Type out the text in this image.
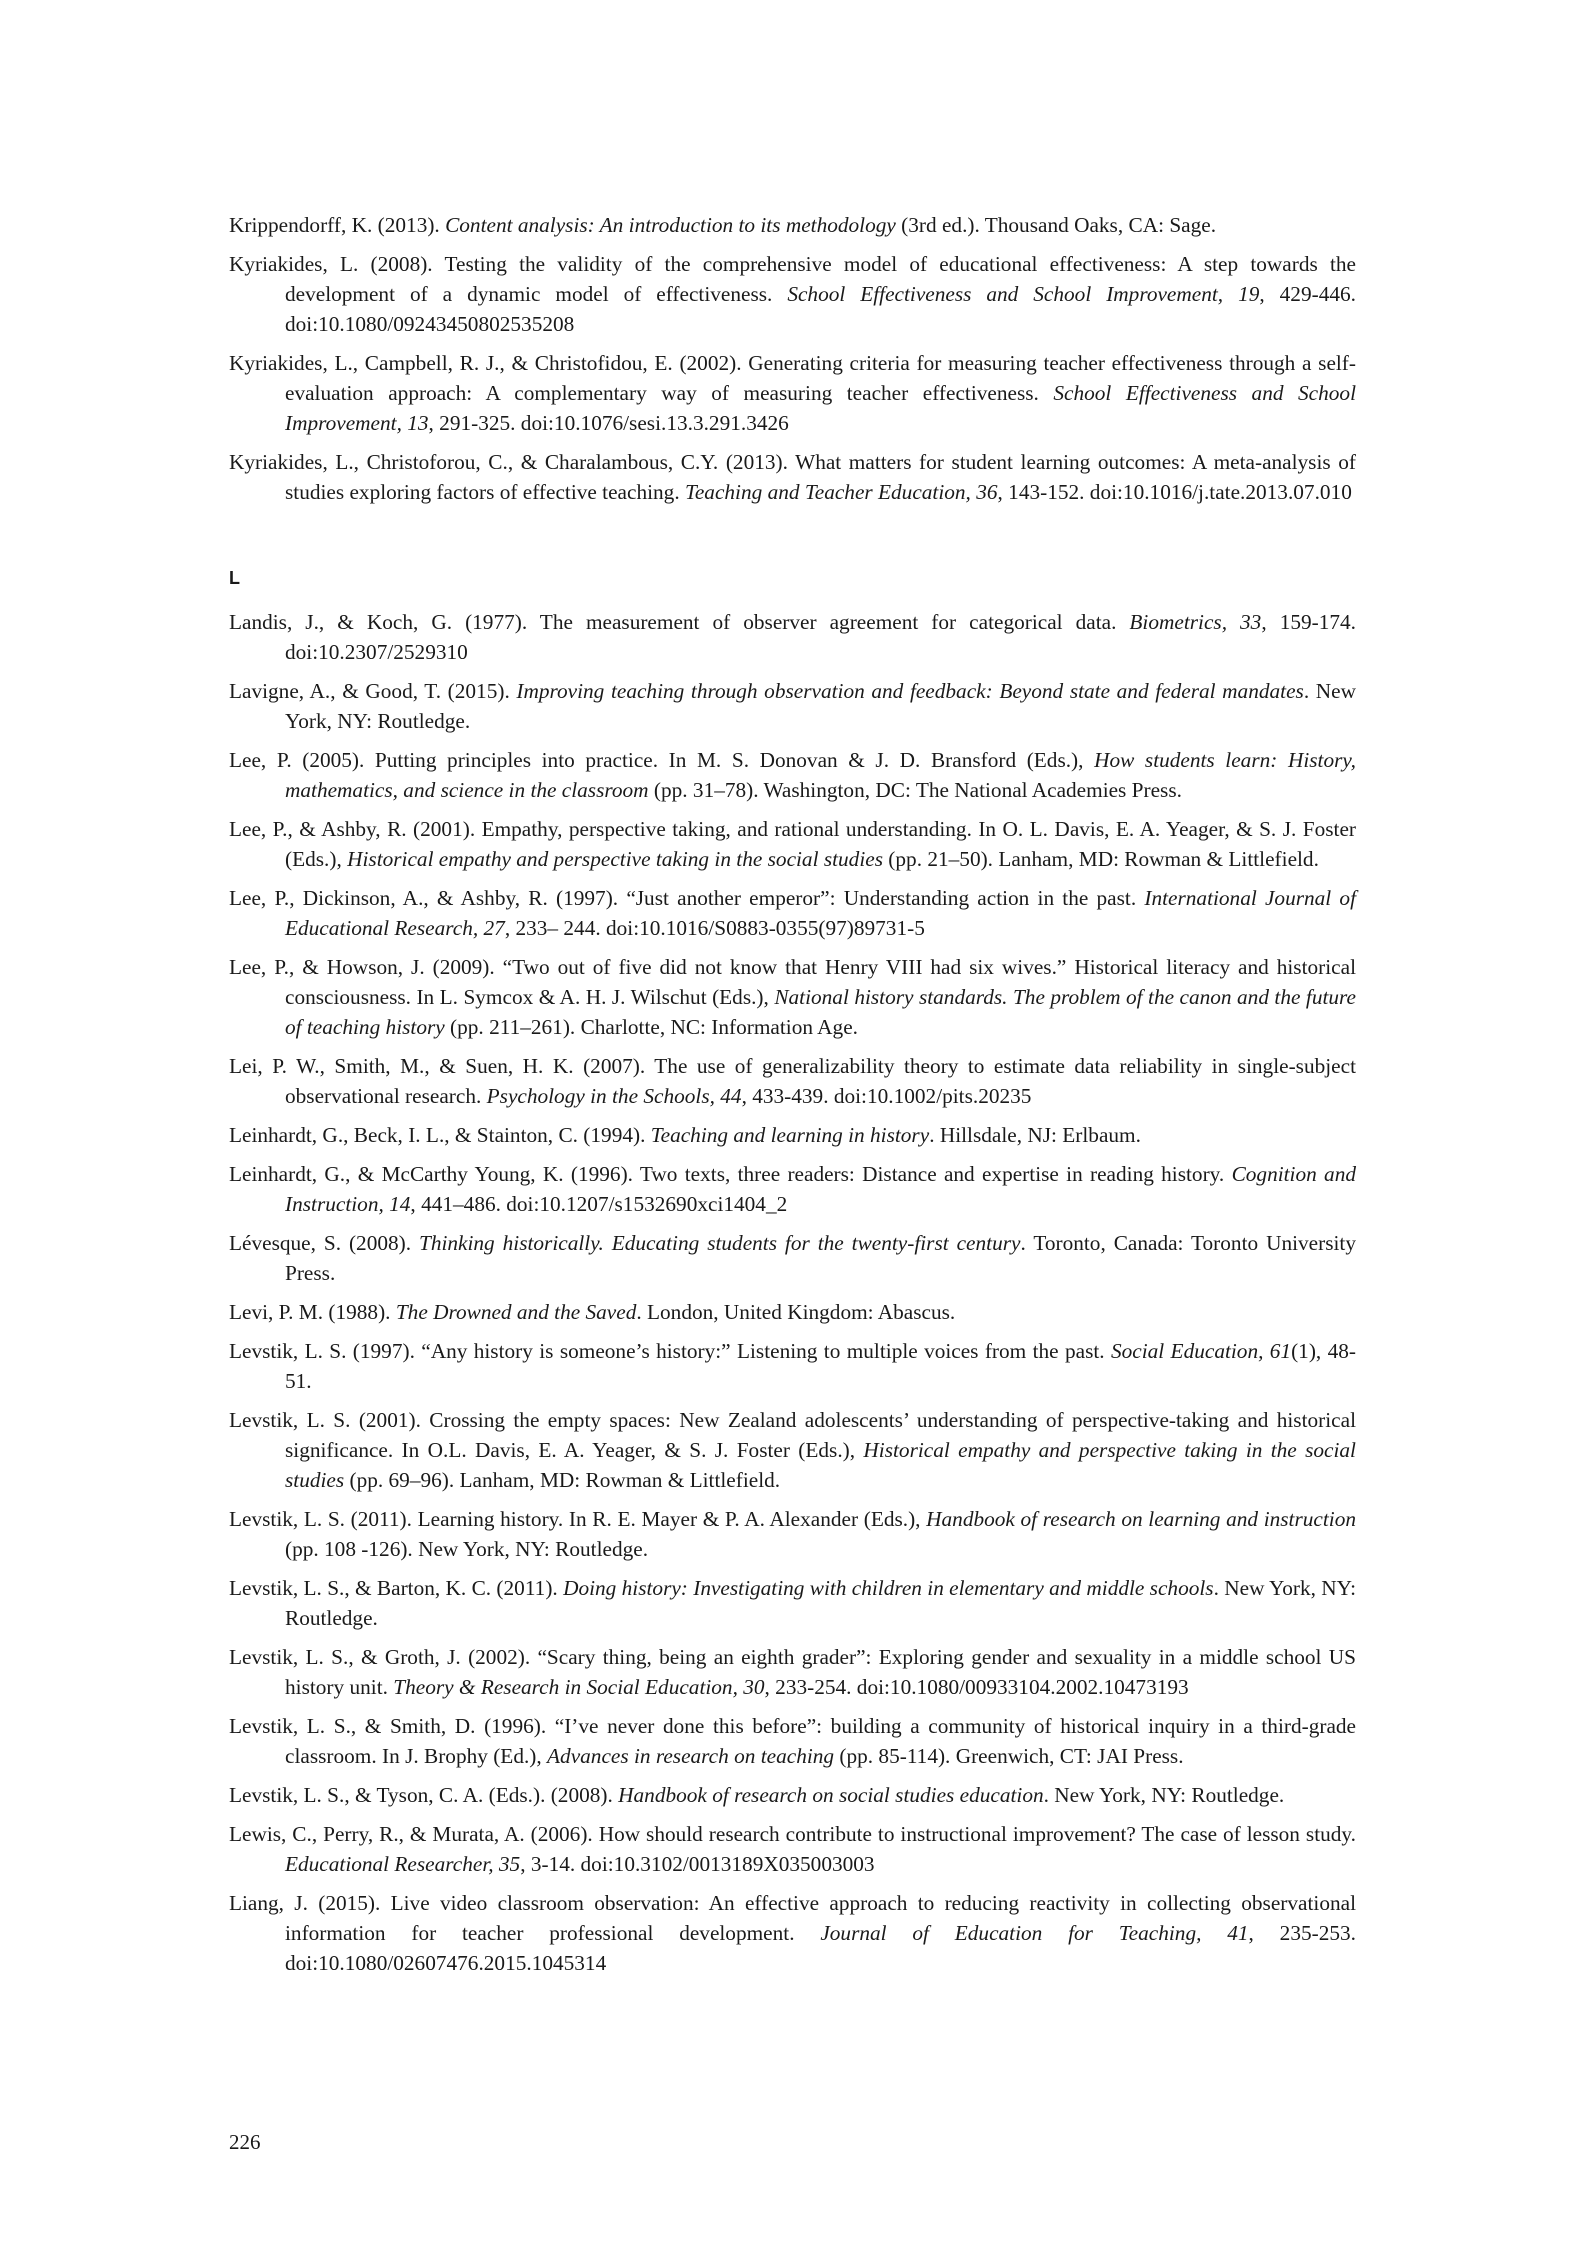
Krippendorff, K. (2013). Content analysis: An introduction to its methodology (3rd ed.). Thousand Oaks, CA: Sage.

Kyriakides, L. (2008). Testing the validity of the comprehensive model of educational effectiveness: A step towards the development of a dynamic model of effectiveness. School Effectiveness and School Improvement, 19, 429-446. doi:10.1080/09243450802535208

Kyriakides, L., Campbell, R. J., & Christofidou, E. (2002). Generating criteria for measuring teacher effectiveness through a self-evaluation approach: A complementary way of measuring teacher effectiveness. School Effectiveness and School Improvement, 13, 291-325. doi:10.1076/sesi.13.3.291.3426

Kyriakides, L., Christoforou, C., & Charalambous, C.Y. (2013). What matters for student learning outcomes: A meta-analysis of studies exploring factors of effective teaching. Teaching and Teacher Education, 36, 143-152. doi:10.1016/j.tate.2013.07.010

L

Landis, J., & Koch, G. (1977). The measurement of observer agreement for categorical data. Biometrics, 33, 159-174. doi:10.2307/2529310

Lavigne, A., & Good, T. (2015). Improving teaching through observation and feedback: Beyond state and federal mandates. New York, NY: Routledge.

Lee, P. (2005). Putting principles into practice. In M. S. Donovan & J. D. Bransford (Eds.), How students learn: History, mathematics, and science in the classroom (pp. 31–78). Washington, DC: The National Academies Press.

Lee, P., & Ashby, R. (2001). Empathy, perspective taking, and rational understanding. In O. L. Davis, E. A. Yeager, & S. J. Foster (Eds.), Historical empathy and perspective taking in the social studies (pp. 21–50). Lanham, MD: Rowman & Littlefield.

Lee, P., Dickinson, A., & Ashby, R. (1997). “Just another emperor”: Understanding action in the past. International Journal of Educational Research, 27, 233– 244. doi:10.1016/S0883-0355(97)89731-5

Lee, P., & Howson, J. (2009). “Two out of five did not know that Henry VIII had six wives.” Historical literacy and historical consciousness. In L. Symcox & A. H. J. Wilschut (Eds.), National history standards. The problem of the canon and the future of teaching history (pp. 211–261). Charlotte, NC: Information Age.

Lei, P. W., Smith, M., & Suen, H. K. (2007). The use of generalizability theory to estimate data reliability in single-subject observational research. Psychology in the Schools, 44, 433-439. doi:10.1002/pits.20235

Leinhardt, G., Beck, I. L., & Stainton, C. (1994). Teaching and learning in history. Hillsdale, NJ: Erlbaum.

Leinhardt, G., & McCarthy Young, K. (1996). Two texts, three readers: Distance and expertise in reading history. Cognition and Instruction, 14, 441–486. doi:10.1207/s1532690xci1404_2

Lévesque, S. (2008). Thinking historically. Educating students for the twenty-first century. Toronto, Canada: Toronto University Press.

Levi, P. M. (1988). The Drowned and the Saved. London, United Kingdom: Abascus.

Levstik, L. S. (1997). “Any history is someone’s history:” Listening to multiple voices from the past. Social Education, 61(1), 48-51.

Levstik, L. S. (2001). Crossing the empty spaces: New Zealand adolescents’ understanding of perspective-taking and historical significance. In O.L. Davis, E. A. Yeager, & S. J. Foster (Eds.), Historical empathy and perspective taking in the social studies (pp. 69–96). Lanham, MD: Rowman & Littlefield.

Levstik, L. S. (2011). Learning history. In R. E. Mayer & P. A. Alexander (Eds.), Handbook of research on learning and instruction (pp. 108 -126). New York, NY: Routledge.

Levstik, L. S., & Barton, K. C. (2011). Doing history: Investigating with children in elementary and middle schools. New York, NY: Routledge.

Levstik, L. S., & Groth, J. (2002). “Scary thing, being an eighth grader”: Exploring gender and sexuality in a middle school US history unit. Theory & Research in Social Education, 30, 233-254. doi:10.1080/00933104.2002.10473193

Levstik, L. S., & Smith, D. (1996). “I’ve never done this before”: building a community of historical inquiry in a third-grade classroom. In J. Brophy (Ed.), Advances in research on teaching (pp. 85-114). Greenwich, CT: JAI Press.

Levstik, L. S., & Tyson, C. A. (Eds.). (2008). Handbook of research on social studies education. New York, NY: Routledge.

Lewis, C., Perry, R., & Murata, A. (2006). How should research contribute to instructional improvement? The case of lesson study. Educational Researcher, 35, 3-14. doi:10.3102/0013189X035003003

Liang, J. (2015). Live video classroom observation: An effective approach to reducing reactivity in collecting observational information for teacher professional development. Journal of Education for Teaching, 41, 235-253. doi:10.1080/02607476.2015.1045314

226
